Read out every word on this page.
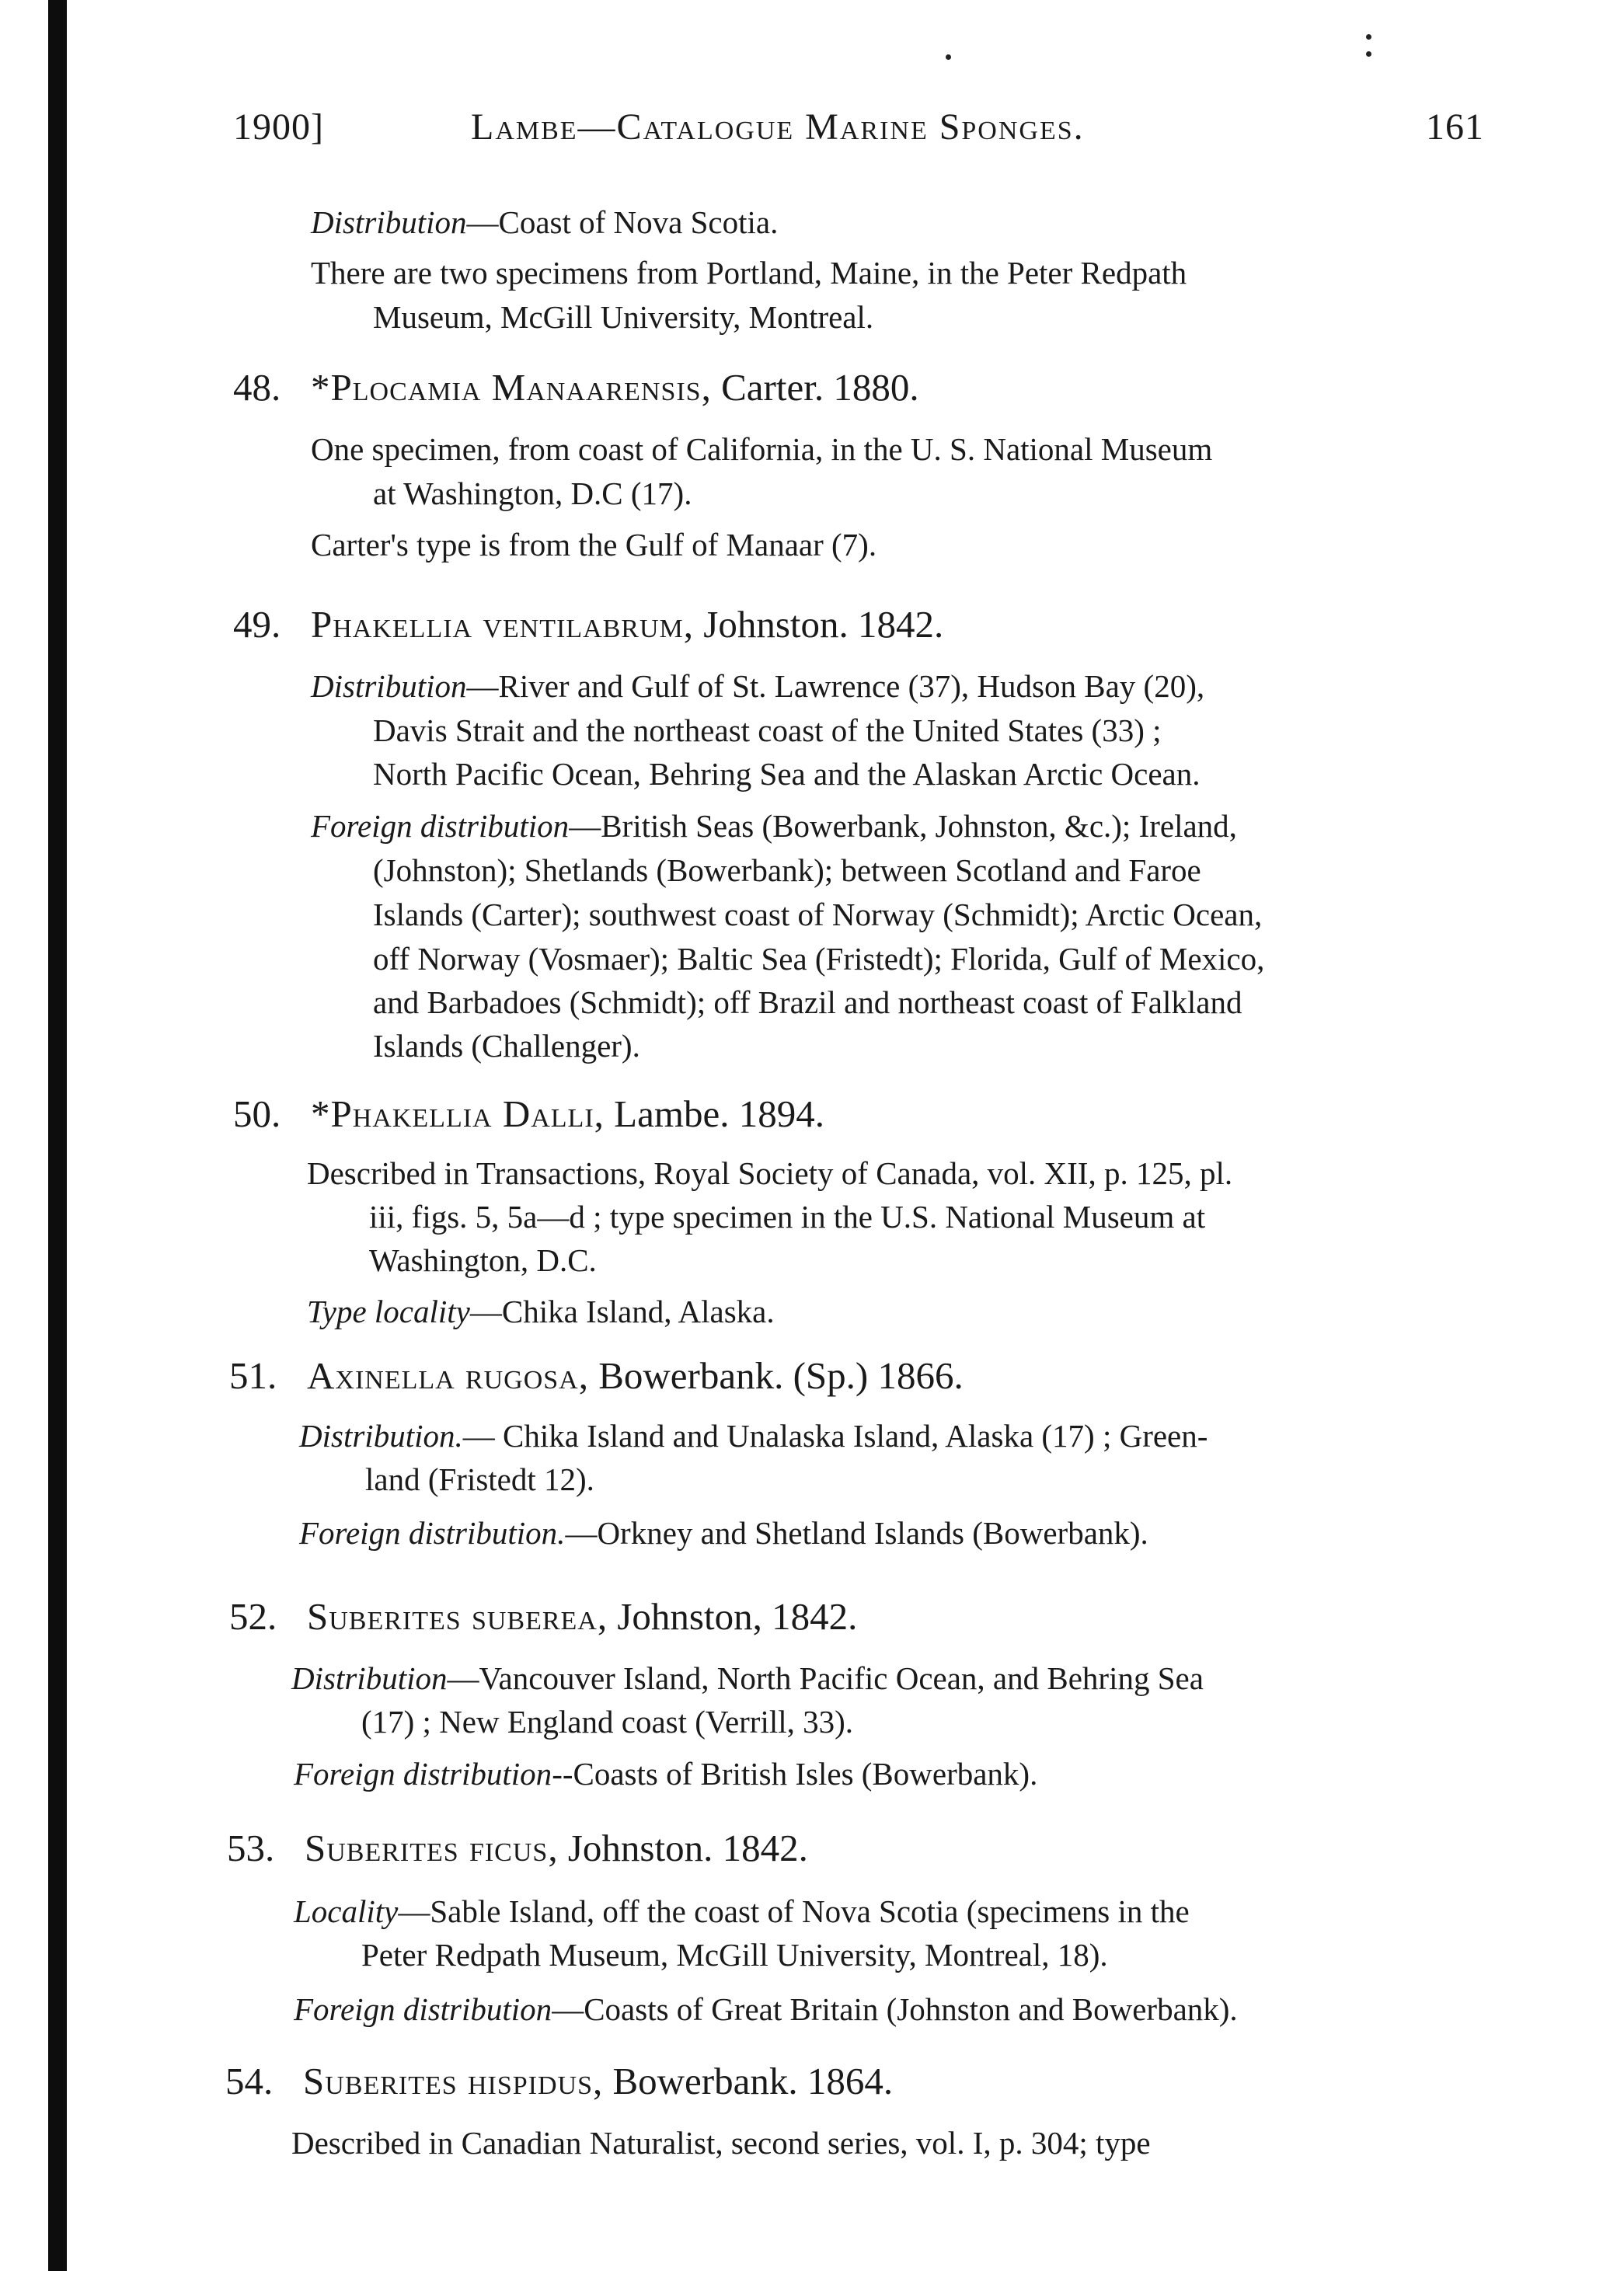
1900]	Lambe—Catalogue Marine Sponges.	161
Distribution—Coast of Nova Scotia.
There are two specimens from Portland, Maine, in the Peter Redpath
Museum, McGill University, Montreal.
48. *Plocamia Manaarensis, Carter. 1880.
One specimen, from coast of California, in the U. S. National Museum
at Washington, D.C (17).
Carter's type is from the Gulf of Manaar (7).
49. Phakellia ventilabrum, Johnston. 1842.
Distribution—River and Gulf of St. Lawrence (37), Hudson Bay (20),
Davis Strait and the northeast coast of the United States (33) ;
North Pacific Ocean, Behring Sea and the Alaskan Arctic Ocean.
Foreign distribution—British Seas (Bowerbank, Johnston, &c.); Ireland,
(Johnston); Shetlands (Bowerbank); between Scotland and Faroe
Islands (Carter); southwest coast of Norway (Schmidt); Arctic Ocean,
off Norway (Vosmaer); Baltic Sea (Fristedt); Florida, Gulf of Mexico,
and Barbadoes (Schmidt); off Brazil and northeast coast of Falkland
Islands (Challenger).
50. *Phakellia Dalli, Lambe. 1894.
Described in Transactions, Royal Society of Canada, vol. XII, p. 125, pl.
iii, figs. 5, 5a—d ; type specimen in the U.S. National Museum at
Washington, D.C.
Type locality—Chika Island, Alaska.
51. Axinella rugosa, Bowerbank. (Sp.) 1866.
Distribution.— Chika Island and Unalaska Island, Alaska (17) ; Green-
land (Fristedt 12).
Foreign distribution.—Orkney and Shetland Islands (Bowerbank).
52. Suberites suberea, Johnston, 1842.
Distribution—Vancouver Island, North Pacific Ocean, and Behring Sea
(17) ; New England coast (Verrill, 33).
Foreign distribution--Coasts of British Isles (Bowerbank).
53. Suberites ficus, Johnston. 1842.
Locality—Sable Island, off the coast of Nova Scotia (specimens in the
Peter Redpath Museum, McGill University, Montreal, 18).
Foreign distribution—Coasts of Great Britain (Johnston and Bowerbank).
54. Suberites hispidus, Bowerbank. 1864.
Described in Canadian Naturalist, second series, vol. I, p. 304; type
